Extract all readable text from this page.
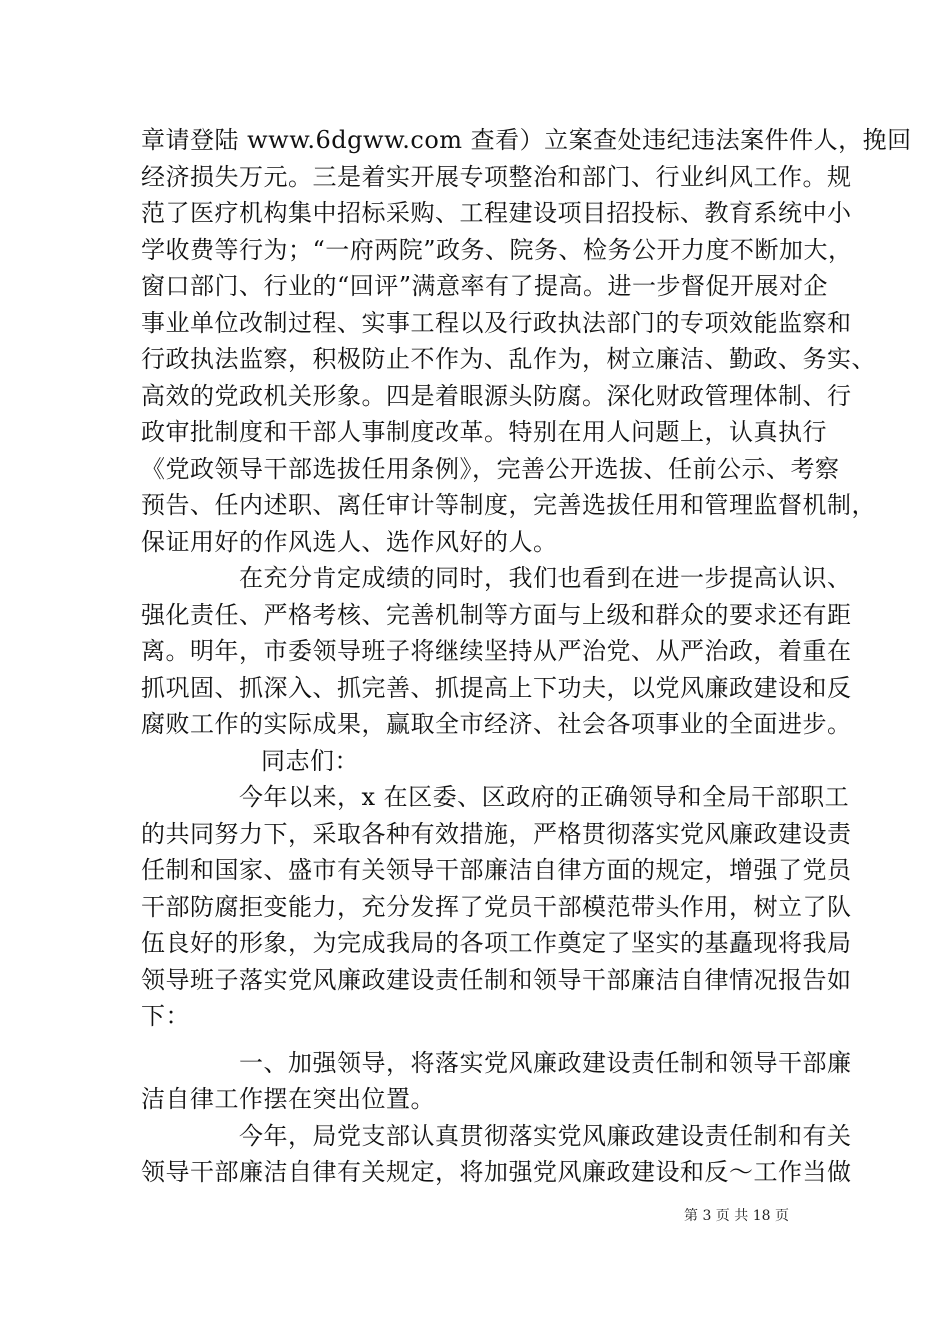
章请登陆 www.6dgww.com 查看）立案查处违纪违法案件件人，挽回
经济损失万元。三是着实开展专项整治和部门、行业纠风工作。规
范了医疗机构集中招标采购、工程建设项目招投标、教育系统中小
学收费等行为；“一府两院”政务、院务、检务公开力度不断加大，
窗口部门、行业的“回评”满意率有了提高。进一步督促开展对企
事业单位改制过程、实事工程以及行政执法部门的专项效能监察和
行政执法监察，积极防止不作为、乱作为，树立廉洁、勤政、务实、
高效的党政机关形象。四是着眼源头防腐。深化财政管理体制、行
政审批制度和干部人事制度改革。特别在用人问题上，认真执行
《党政领导干部选拔任用条例》，完善公开选拔、任前公示、考察
预告、任内述职、离任审计等制度，完善选拔任用和管理监督机制，
保证用好的作风选人、选作风好的人。
在充分肯定成绩的同时，我们也看到在进一步提高认识、
强化责任、严格考核、完善机制等方面与上级和群众的要求还有距
离。明年，市委领导班子将继续坚持从严治党、从严治政，着重在
抓巩固、抓深入、抓完善、抓提高上下功夫，以党风廉政建设和反
腐败工作的实际成果，赢取全市经济、社会各项事业的全面进步。
同志们：
今年以来，x 在区委、区政府的正确领导和全局干部职工
的共同努力下，采取各种有效措施，严格贯彻落实党风廉政建设责
任制和国家、盛市有关领导干部廉洁自律方面的规定，增强了党员
干部防腐拒变能力，充分发挥了党员干部模范带头作用，树立了队
伍良好的形象，为完成我局的各项工作奠定了坚实的基矗现将我局
领导班子落实党风廉政建设责任制和领导干部廉洁自律情况报告如
下：
一、加强领导，将落实党风廉政建设责任制和领导干部廉
洁自律工作摆在突出位置。
今年，局党支部认真贯彻落实党风廉政建设责任制和有关
领导干部廉洁自律有关规定，将加强党风廉政建设和反～工作当做
第 3 页 共 18 页
